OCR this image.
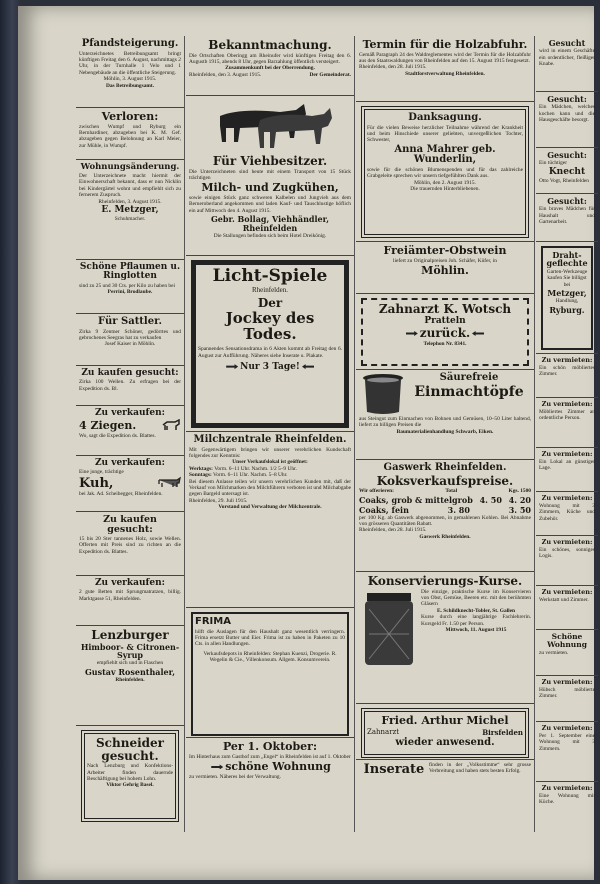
Pfandsteigerung.
Unterzeichnetes Betreibungsamt bringt künftigen Freitag den 6. August, nachmittags 2 Uhr, in der Turnhalle 1 Velo und 1 Nebengebäude an die öffentliche Steigerung.
Möhlin, 3. August 1915.
Das Betreibungsamt.
Verloren:
zwischen Wumpf und Ryburg ein Bernhardiner, abzugeben bei K. M. Gef. abzugeben gegen Belohnung an Karl Meier, zur Mühle, in Wumpf.
Wohnungsänderung.
Der Unterzeichnete macht hiermit der Einwohnerschaft bekannt, dass er nun Nicklin bei Kindergärtel wohnt und empfiehlt sich zu fernerem Zuspruch.
Rheinfelden, 3. August 1915.
E. Metzger,
Schuhmacher.
Schöne Pflaumen u. Ringlotten
sind zu 25 und 30 Cts. per Kilo zu haben bei
Perrini, Brodlaube.
Für Sattler.
Zirka 9 Zentner Schöner, gedörrtes und gebrochenes Seegras hat zu verkaufen
Josef Kaiser in Möhlin.
Zu kaufen gesucht:
Zirka 100 Wellen. Zu erfragen bei der Expedition ds. Bl.
Zu verkaufen:
4 Ziegen.
Wo, sagt die Expedition ds. Blattes.
Zu verkaufen:
Eine junge, trächtige
Kuh,
bei Jak. Ad. Scheibegger, Rheinfelden.
Zu kaufen gesucht:
15 bis 20 Ster tannenes Holz, sowie Wellen. Offerten mit Preis sind zu richten an die Expedition ds. Blattes.
Zu verkaufen:
2 gute Betten mit Sprungmatratzen, billig. Marktgasse 51, Rheinfelden.
Lenzburger
Himboor- & Citronen-Syrup
empfiehlt sich und in Flaschen
Gustav Rosenthaler,
Rheinfelden.
Schneider gesucht.
Nach Lenzburg und Konfektions-Arbeiter finden dauernde Beschäftigung bei hohem Lohn.
Viktor Gehrig Basel.
Bekanntmachung.
Die Ortschaften Oberingg am Rheinufer wird künftigen Freitag den 6. Augustb 1915, abends 8 Uhr, gegen Barzahlung öffentlich versteigert.
Zusammenkunft bei der Oberrendung.
Rheinfelden, den 3. August 1915.	Der Gemeinderat.
Für Viehbesitzer.
Die Unterzeichneten sind heute mit einem Transport von 15 Stück trächtigen
Milch- und Zugkühen,
sowie einigen Stück ganz schweren Kalbelen und Jungvieh aus dem Berneroberland angekommen und laden Kauf- und Tauschlustige höflich ein auf Mittwoch den 4. August 1915.
Gebr. Bollag, Viehhändler, Rheinfelden
Die Stallungen befinden sich beim Hotel Dreikönig.
Licht-Spiele
Rheinfelden.
Der
Jockey des Todes.
Spannendes Sensationsdrama in 6 Akten kommt ab Freitag den 6. August zur Aufführung. Näheres siehe Inserate u. Plakate.
Nur 3 Tage!
Milchzentrale Rheinfelden.
Mit Gegenwärtigem bringen wir unserer verehrlichen Kundschaft folgendes zur Kenntnis:
Unser Verkaufslokal ist geöffnet:
Werktags: Vorm. 6–11 Uhr. Nachm. 1/2 5–9 Uhr.
Sonntags: Vorm. 6–11 Uhr. Nachm. 5–8 Uhr.
Bei diesem Anlasse teilen wir unsern verehrlichen Kunden mit, daß der Verkauf von Milchmarken den Milchführern verboten ist und Milchabgabe gegen Bargeld untersagt ist.
Rheinfelden, 29. Juli 1915.
Vorstand und Verwaltung der Milchzentrale.
FRIMA
hilft die Auslagen für den Haushalt ganz wesentlich verringern. Frima ersetzt Butter und Eier. Frima ist zu haben in Paketen zu 10 Cts. in allen Handlungen.
Verkaufsdepots in Rheinfelden: Stephan Kuenzi, Drogerie. R. Wegelin & Cie., Villenkonsum. Allgem. Konsumverein.
Per 1. Oktober:
Im Hinterhaus zum Gasthof zum „Engel“ in Rheinfelden ist auf 1. Oktober
schöne Wohnung
zu vermieten. Näheres bei der Verwaltung.
Termin für die Holzabfuhr.
Gemäß Paragraph 24 des Waldreglementes wird der Termin für die Holzabfuhr aus den Staatswaldungen von Rheinfelden auf den 15. August 1915 festgesetzt.
Rheinfelden, den 28. Juli 1915.
Stadtforstverwaltung Rheinfelden.
Danksagung.
Für die vielen Beweise herzlicher Teilnahme während der Krankheit und beim Hinschiede unserer geliebten, unvergeßlichen Tochter, Schwester,
Anna Mahrer geb. Wunderlin,
sowie für die schönen Blumenspenden und für das zahlreiche Grabgeleite sprechen wir unsern tiefgefühlten Dank aus.
Möhlin, den 2. August 1915.
Die trauernden Hinterbliebenen.
Freiämter-Obstwein
liefert zu Originalpreisen Joh. Schäfer, Küfer, in
Möhlin.
Zahnarzt K. Wotsch
Pratteln
zurück.
Telephon Nr. 8341.
Säurefreie
Einmachtöpfe
aus Steingut zum Einmachen von Bohnen und Gemüsen, 10–50 Liter haltend, liefert zu billigen Preisen die
Baumaterialienhandlung Schwarb, Eiken.
Gaswerk Rheinfelden.
Koksverkaufspreise.
Wir offerieren:	Total	Kgs. 1500
Coaks, grob & mittelgrob 4. 50 4. 20
Coaks, fein	3. 80	3. 50
per 100 Kg. ab Gaswerk abgenommen, in gemahlenen Kohlen. Bei Abnahme von grösseren Quantitäten Rabatt.
Rheinfelden, den 28. Juli 1915.
Gaswerk Rheinfelden.
Konservierungs-Kurse.
Die einzige, praktische Kurse im Konservieren von Obst, Gemüse, Beeren etc. mit den berühmten Gläsern
E. Schildknecht-Tobler, St. Gallen
Kurse durch eine langjährige Fachlehrerin. Kursgeld Fr. 1.50 per Person.
Mittwoch, 11. August 1915
Fried. Arthur Michel
Zahnarzt	Birsfelden
wieder anwesend.
Inserate finden in der „Volksstimme“ sehr grosse Verbreitung und haben stets besten Erfolg.
Gesucht
wird in einem Geschäfte ein ordentlicher, fleißiger Knabe.
Gesucht:
Ein Mädchen, welches kochen kann und die Hausgeschäfte besorgt.
Gesucht:
Ein tüchtiger
Knecht
Otto Vogt, Rheinfelden
Gesucht:
Ein braves Mädchen für Haushalt und Gartenarbeit.
Draht-geflechte
Garten-Werkzeuge
kaufen Sie billigst bei
Metzger,
Handlung,
Ryburg.
Zu vermieten:
Ein schön möbliertes Zimmer.
Zu vermieten:
Möbliertes Zimmer an ordentliche Person.
Zu vermieten:
Ein Lokal an günstiger Lage.
Zu vermieten:
Wohnung mit 3 Zimmern, Küche und Zubehör.
Zu vermieten:
Ein schönes, sonniges Logis.
Zu vermieten:
Werkstatt und Zimmer.
Schöne Wohnung
zu vermieten.
Zu vermieten:
Hübsch möblierte Zimmer.
Zu vermieten:
Per 1. September eine Wohnung mit 3 Zimmern.
Zu vermieten:
Eine Wohnung mit Küche.
